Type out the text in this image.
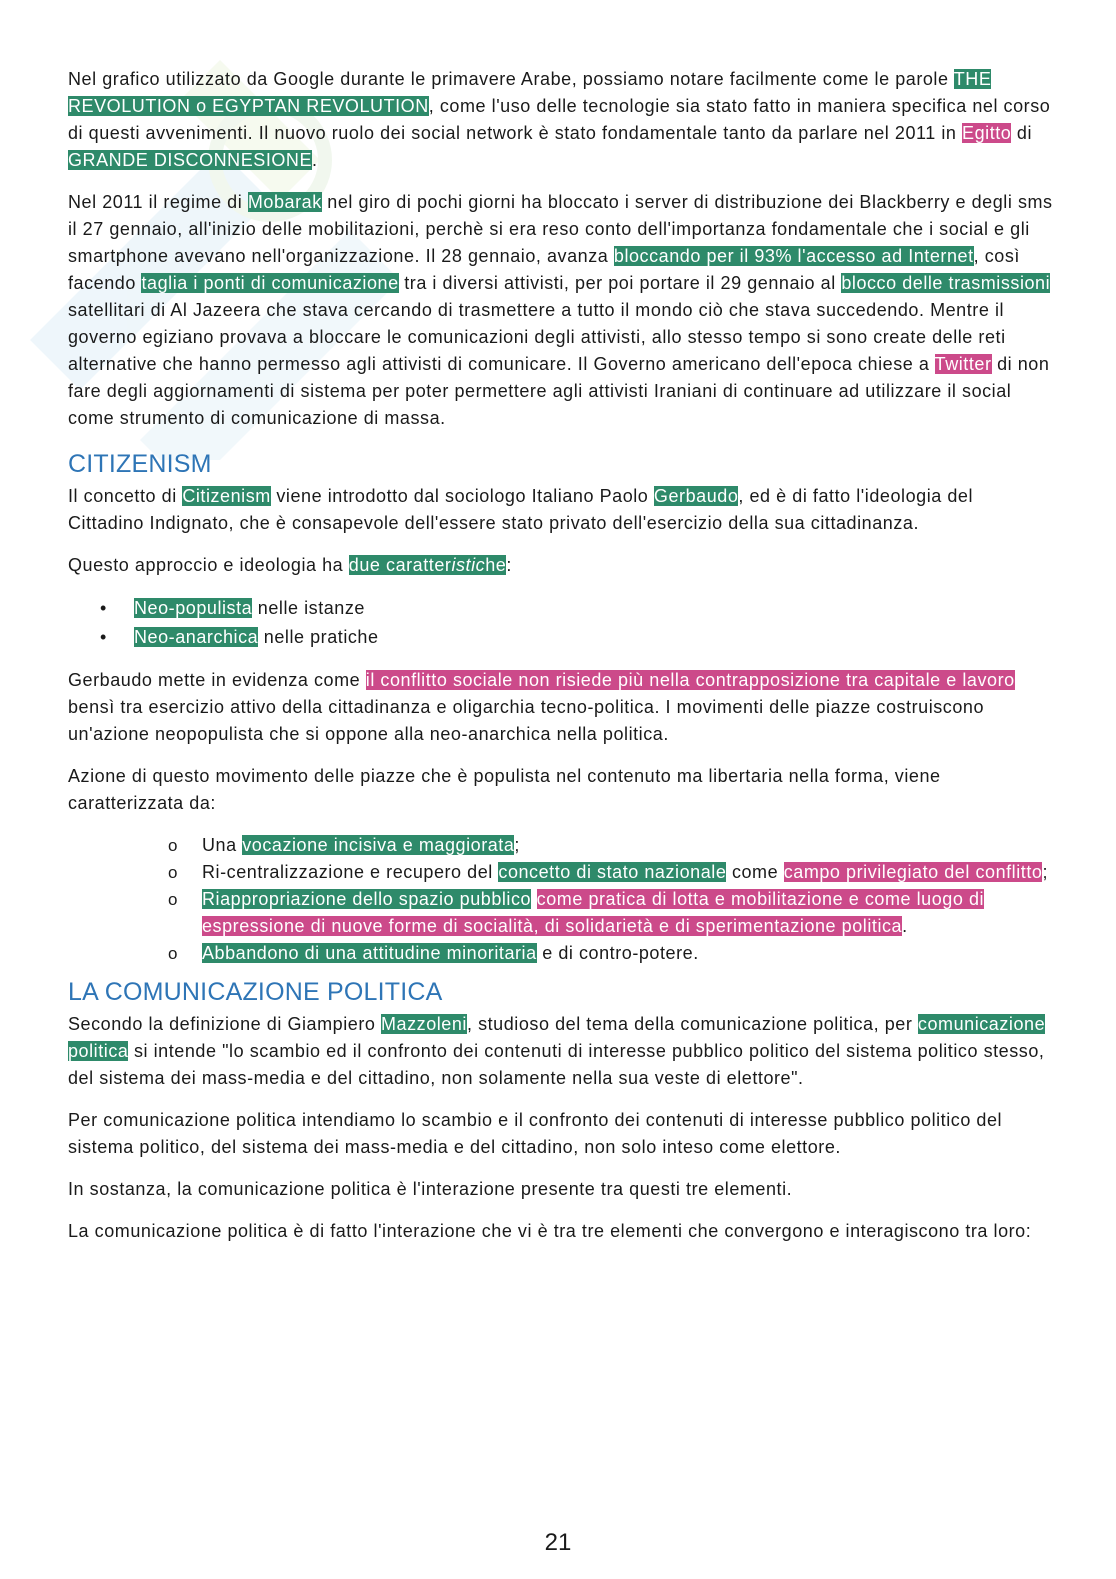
Nel grafico utilizzato da Google durante le primavere Arabe, possiamo notare facilmente come le parole THE REVOLUTION o EGYPTAN REVOLUTION, come l'uso delle tecnologie sia stato fatto in maniera specifica nel corso di questi avvenimenti. Il nuovo ruolo dei social network è stato fondamentale tanto da parlare nel 2011 in Egitto di GRANDE DISCONNESIONE.

Nel 2011 il regime di Mobarak nel giro di pochi giorni ha bloccato i server di distribuzione dei Blackberry e degli sms il 27 gennaio, all'inizio delle mobilitazioni, perchè si era reso conto dell'importanza fondamentale che i social e gli smartphone avevano nell'organizzazione. Il 28 gennaio, avanza bloccando per il 93% l'accesso ad Internet, così facendo taglia i ponti di comunicazione tra i diversi attivisti, per poi portare il 29 gennaio al blocco delle trasmissioni satellitari di Al Jazeera che stava cercando di trasmettere a tutto il mondo ciò che stava succedendo. Mentre il governo egiziano provava a bloccare le comunicazioni degli attivisti, allo stesso tempo si sono create delle reti alternative che hanno permesso agli attivisti di comunicare. Il Governo americano dell'epoca chiese a Twitter di non fare degli aggiornamenti di sistema per poter permettere agli attivisti Iraniani di continuare ad utilizzare il social come strumento di comunicazione di massa.

CITIZENISM

Il concetto di Citizenism viene introdotto dal sociologo Italiano Paolo Gerbaudo, ed è di fatto l'ideologia del Cittadino Indignato, che è consapevole dell'essere stato privato dell'esercizio della sua cittadinanza.

Questo approccio e ideologia ha due caratteristiche:

• Neo-populista nelle istanze
• Neo-anarchica nelle pratiche

Gerbaudo mette in evidenza come il conflitto sociale non risiede più nella contrapposizione tra capitale e lavoro bensì tra esercizio attivo della cittadinanza e oligarchia tecno-politica. I movimenti delle piazze costruiscono un'azione neopopulista che si oppone alla neo-anarchica nella politica.

Azione di questo movimento delle piazze che è populista nel contenuto ma libertaria nella forma, viene caratterizzata da:

o Una vocazione incisiva e maggiorata;
o Ri-centralizzazione e recupero del concetto di stato nazionale come campo privilegiato del conflitto;
o Riappropriazione dello spazio pubblico come pratica di lotta e mobilitazione e come luogo di espressione di nuove forme di socialità, di solidarietà e di sperimentazione politica.
o Abbandono di una attitudine minoritaria e di contro-potere.
LA COMUNICAZIONE POLITICA

Secondo la definizione di Giampiero Mazzoleni, studioso del tema della comunicazione politica, per comunicazione politica si intende "lo scambio ed il confronto dei contenuti di interesse pubblico politico del sistema politico stesso, del sistema dei mass-media e del cittadino, non solamente nella sua veste di elettore".

Per comunicazione politica intendiamo lo scambio e il confronto dei contenuti di interesse pubblico politico del sistema politico, del sistema dei mass-media e del cittadino, non solo inteso come elettore.

In sostanza, la comunicazione politica è l'interazione presente tra questi tre elementi.

La comunicazione politica è di fatto l'interazione che vi è tra tre elementi che convergono e interagiscono tra loro:

21
